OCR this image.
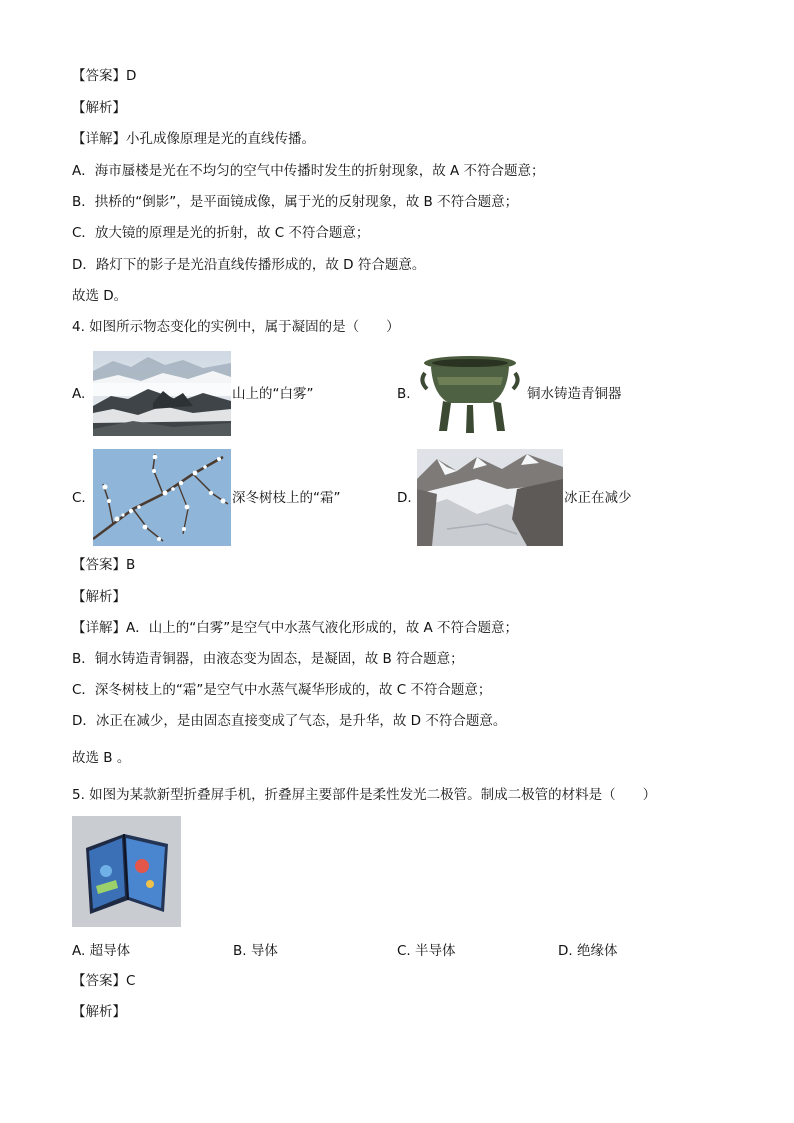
【答案】D
【解析】
【详解】小孔成像原理是光的直线传播。
A．海市蜃楼是光在不均匀的空气中传播时发生的折射现象，故 A 不符合题意；
B．拱桥的“倒影”，是平面镜成像，属于光的反射现象，故 B 不符合题意；
C．放大镜的原理是光的折射，故 C 不符合题意；
D．路灯下的影子是光沿直线传播形成的，故 D 符合题意。
故选 D。
4. 如图所示物态变化的实例中，属于凝固的是（　　）
A.	山上的“白雾”	B.	铜水铸造青铜器
C.	深冬树枝上的“霜”	D.	冰正在减少
【答案】B
【解析】
【详解】A．山上的“白雾”是空气中水蒸气液化形成的，故 A 不符合题意；
B．铜水铸造青铜器，由液态变为固态，是凝固，故 B 符合题意；
C．深冬树枝上的“霜”是空气中水蒸气凝华形成的，故 C 不符合题意；
D．冰正在减少，是由固态直接变成了气态，是升华，故 D 不符合题意。
故选 B 。
5. 如图为某款新型折叠屏手机，折叠屏主要部件是柔性发光二极管。制成二极管的材料是（　　）
A. 超导体	B. 导体	C. 半导体	D. 绝缘体
【答案】C
【解析】
